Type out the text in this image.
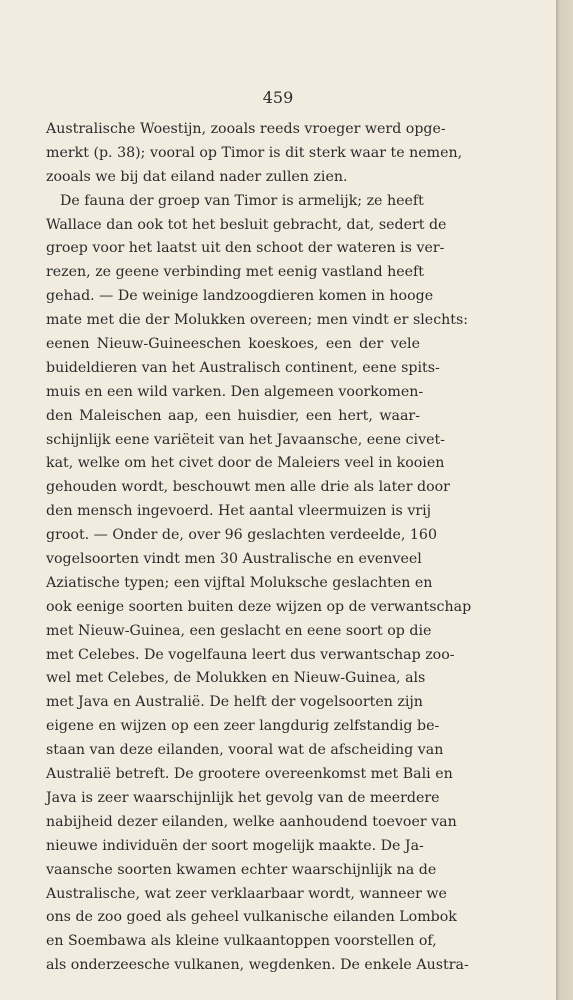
459
Australische Woestijn, zooals reeds vroeger werd opge-
merkt (p. 38); vooral op Timor is dit sterk waar te nemen,
zooals we bij dat eiland nader zullen zien.
De fauna der groep van Timor is armelijk; ze heeft
Wallace dan ook tot het besluit gebracht, dat, sedert de
groep voor het laatst uit den schoot der wateren is ver-
rezen, ze geene verbinding met eenig vastland heeft
gehad. — De weinige landzoogdieren komen in hooge
mate met die der Molukken overeen; men vindt er slechts:
eenen Nieuw-Guineeschen koeskoes, een der vele
buideldieren van het Australisch continent, eene spits-
muis en een wild varken. Den algemeen voorkomen-
den Maleischen aap, een huisdier, een hert, waar-
schijnlijk eene variëteit van het Javaansche, eene civet-
kat, welke om het civet door de Maleiers veel in kooien
gehouden wordt, beschouwt men alle drie als later door
den mensch ingevoerd. Het aantal vleermuizen is vrij
groot. — Onder de, over 96 geslachten verdeelde, 160
vogelsoorten vindt men 30 Australische en evenveel
Aziatische typen; een vijftal Moluksche geslachten en
ook eenige soorten buiten deze wijzen op de verwantschap
met Nieuw-Guinea, een geslacht en eene soort op die
met Celebes. De vogelfauna leert dus verwantschap zoo-
wel met Celebes, de Molukken en Nieuw-Guinea, als
met Java en Australië. De helft der vogelsoorten zijn
eigene en wijzen op een zeer langdurig zelfstandig be-
staan van deze eilanden, vooral wat de afscheiding van
Australië betreft. De grootere overeenkomst met Bali en
Java is zeer waarschijnlijk het gevolg van de meerdere
nabijheid dezer eilanden, welke aanhoudend toevoer van
nieuwe individuën der soort mogelijk maakte. De Ja-
vaansche soorten kwamen echter waarschijnlijk na de
Australische, wat zeer verklaarbaar wordt, wanneer we
ons de zoo goed als geheel vulkanische eilanden Lombok
en Soembawa als kleine vulkaantoppen voorstellen of,
als onderzeesche vulkanen, wegdenken. De enkele Austra-
